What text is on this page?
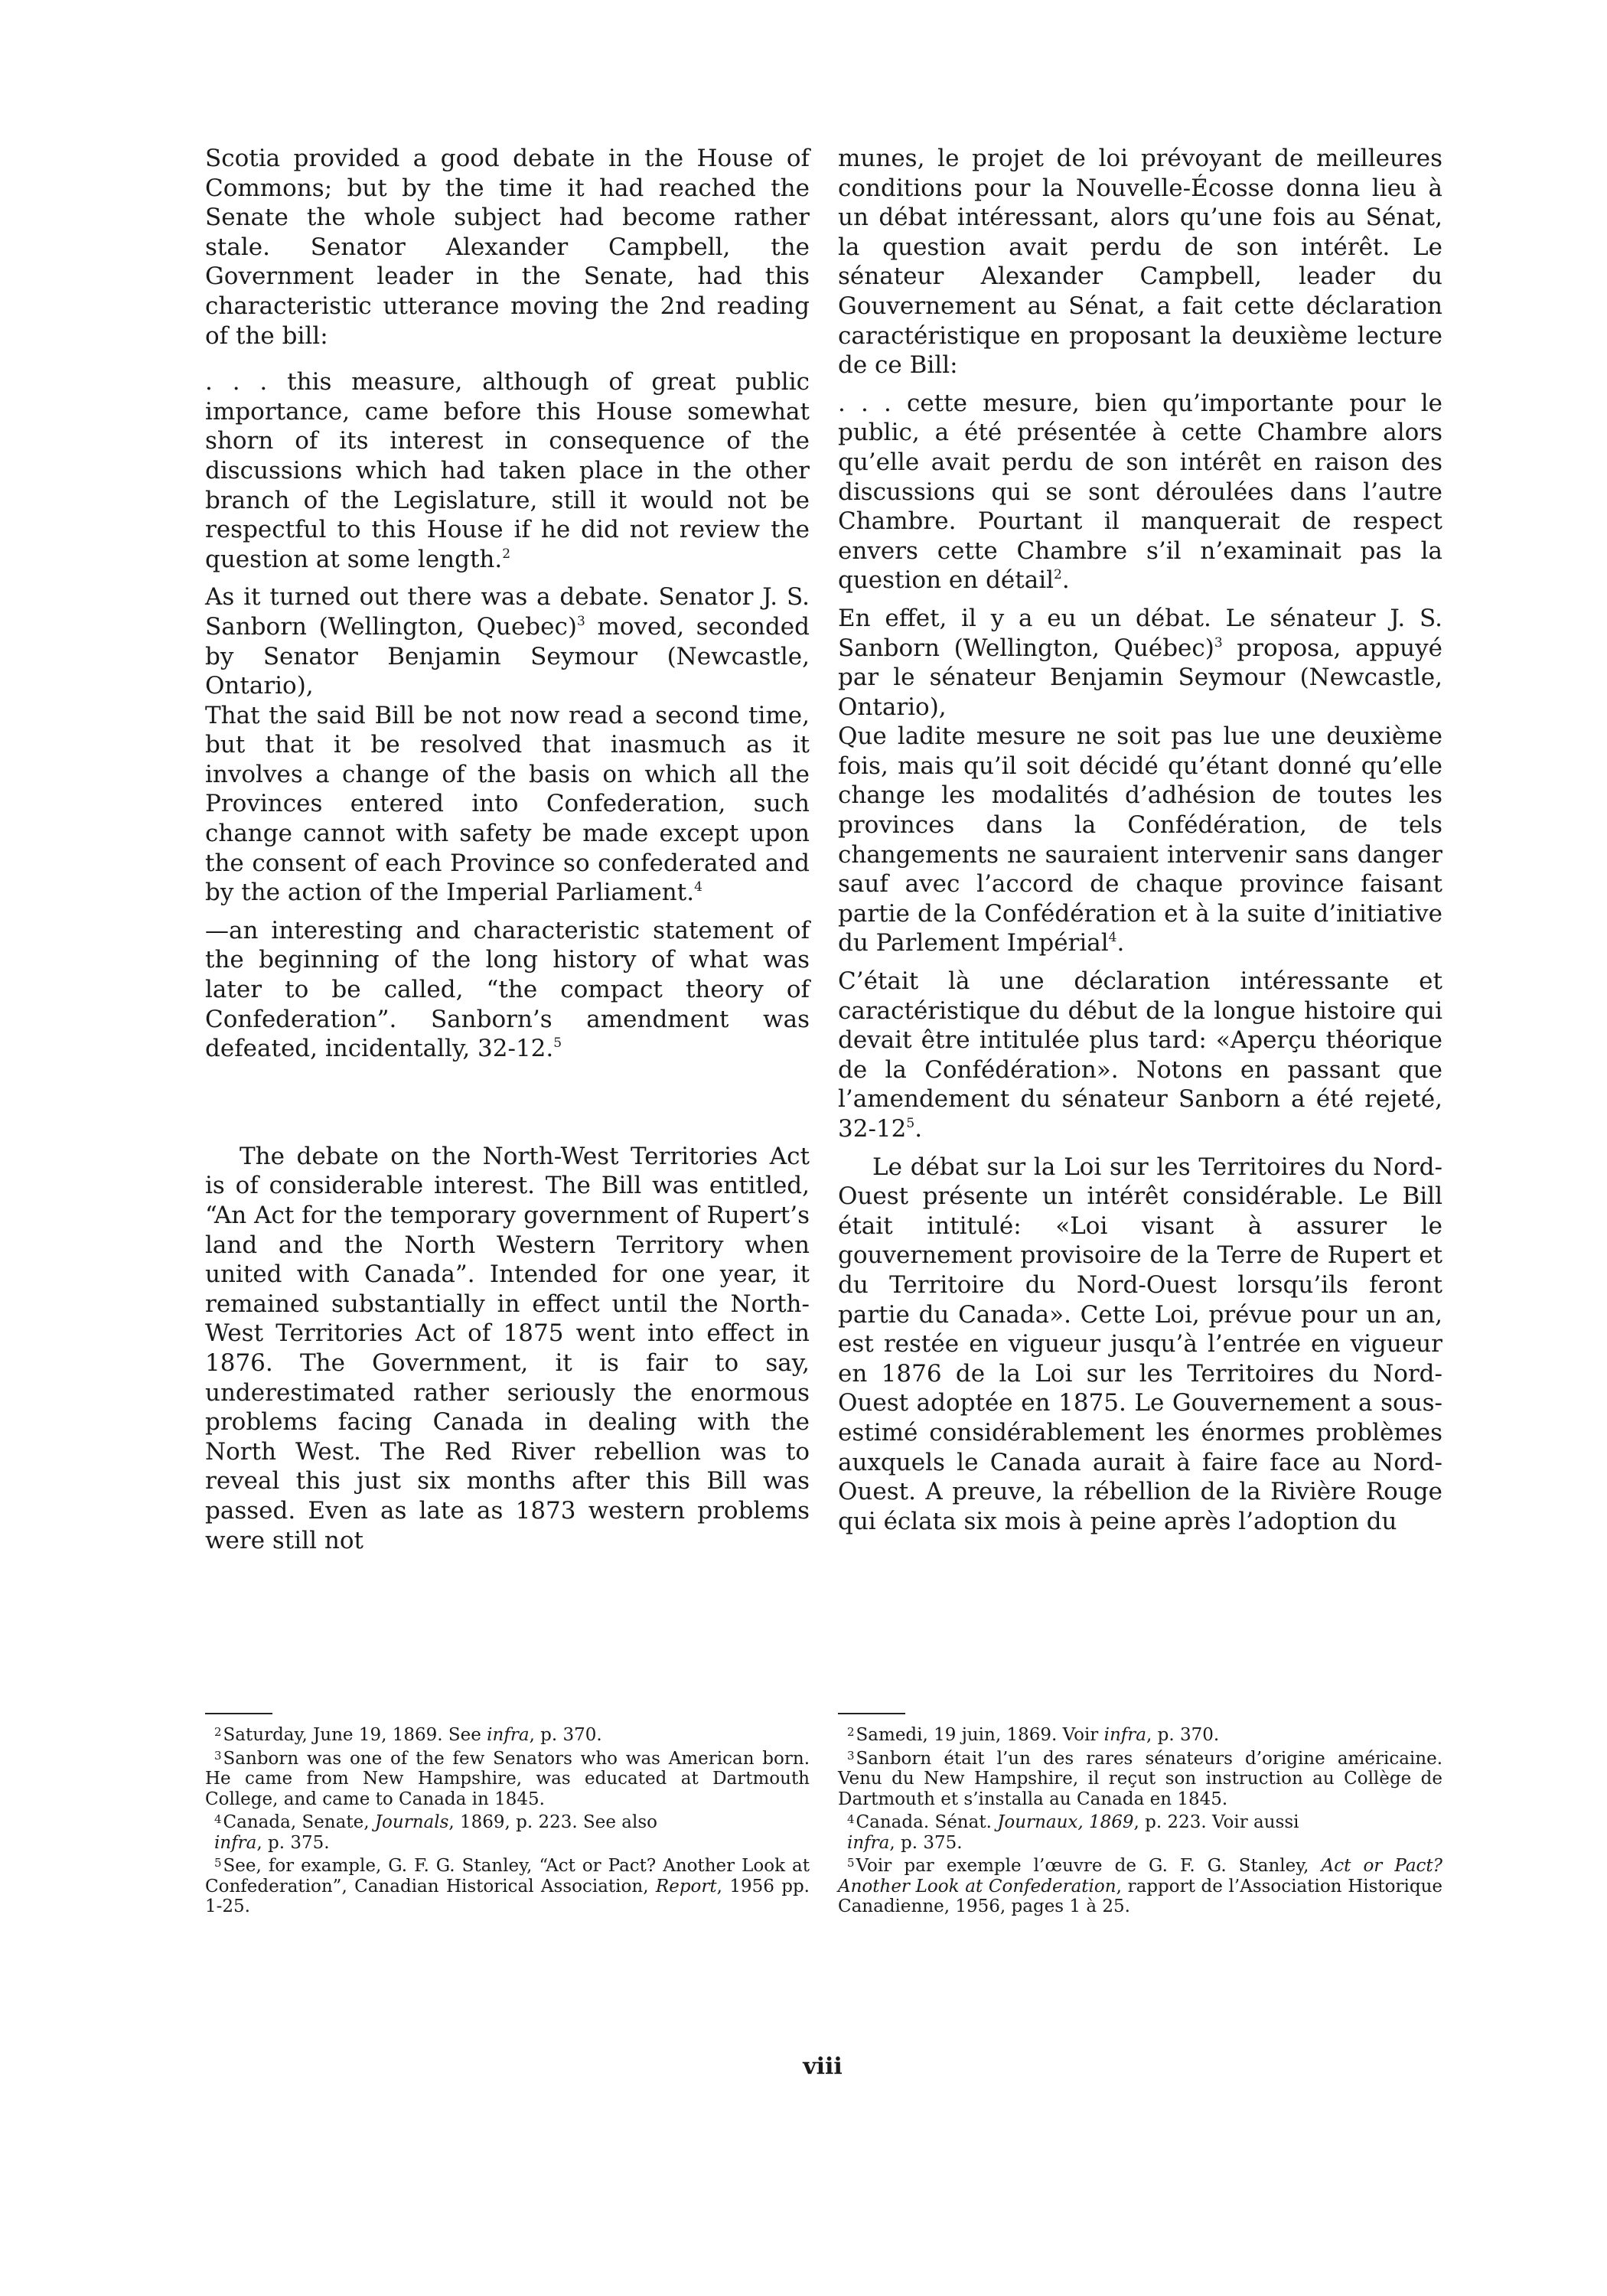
Scotia provided a good debate in the House of Commons; but by the time it had reached the Senate the whole subject had become rather stale. Senator Alexander Campbell, the Government leader in the Senate, had this characteristic utterance moving the 2nd reading of the bill:

. . . this measure, although of great public importance, came before this House somewhat shorn of its interest in consequence of the discussions which had taken place in the other branch of the Legislature, still it would not be respectful to this House if he did not review the question at some length.$^2$

As it turned out there was a debate. Senator J. S. Sanborn (Wellington, Quebec)$^3$ moved, seconded by Senator Benjamin Seymour (Newcastle, Ontario),

That the said Bill be not now read a second time, but that it be resolved that inasmuch as it involves a change of the basis on which all the Provinces entered into Confederation, such change cannot with safety be made except upon the consent of each Province so confederated and by the action of the Imperial Parliament.$^4$

—an interesting and characteristic statement of the beginning of the long history of what was later to be called, “the compact theory of Confederation”. Sanborn’s amendment was defeated, incidentally, 32-12.$^5$

The debate on the North-West Territories Act is of considerable interest. The Bill was entitled, “An Act for the temporary government of Rupert’s land and the North Western Territory when united with Canada”. Intended for one year, it remained substantially in effect until the North-West Territories Act of 1875 went into effect in 1876. The Government, it is fair to say, underestimated rather seriously the enormous problems facing Canada in dealing with the North West. The Red River rebellion was to reveal this just six months after this Bill was passed. Even as late as 1873 western problems were still not

munes, le projet de loi prévoyant de meilleures conditions pour la Nouvelle-Écosse donna lieu à un débat intéressant, alors qu’une fois au Sénat, la question avait perdu de son intérêt. Le sénateur Alexander Campbell, leader du Gouvernement au Sénat, a fait cette déclaration caractéristique en proposant la deuxième lecture de ce Bill:

. . . cette mesure, bien qu’importante pour le public, a été présentée à cette Chambre alors qu’elle avait perdu de son intérêt en raison des discussions qui se sont déroulées dans l’autre Chambre. Pourtant il manquerait de respect envers cette Chambre s’il n’examinait pas la question en détail$^2$.

En effet, il y a eu un débat. Le sénateur J. S. Sanborn (Wellington, Québec)$^3$ proposa, appuyé par le sénateur Benjamin Seymour (Newcastle, Ontario),

Que ladite mesure ne soit pas lue une deuxième fois, mais qu’il soit décidé qu’étant donné qu’elle change les modalités d’adhésion de toutes les provinces dans la Confédération, de tels changements ne sauraient intervenir sans danger sauf avec l’accord de chaque province faisant partie de la Confédération et à la suite d’initiative du Parlement Impérial$^4$.

C’était là une déclaration intéressante et caractéristique du début de la longue histoire qui devait être intitulée plus tard: «Aperçu théorique de la Confédération». Notons en passant que l’amendement du sénateur Sanborn a été rejeté, $32-12^5$.

Le débat sur la Loi sur les Territoires du Nord-Ouest présente un intérêt considérable. Le Bill était intitulé: «Loi visant à assurer le gouvernement provisoire de la Terre de Rupert et du Territoire du Nord-Ouest lorsqu’ils feront partie du Canada». Cette Loi, prévue pour un an, est restée en vigueur jusqu’à l’entrée en vigueur en 1876 de la Loi sur les Territoires du Nord-Ouest adoptée en 1875. Le Gouvernement a sous-estimé considérablement les énormes problèmes auxquels le Canada aurait à faire face au Nord-Ouest. A preuve, la rébellion de la Rivière Rouge qui éclata six mois à peine après l’adoption du

$^2$Saturday, June 19, 1869. See infra, p. 370.

$^3$Sanborn was one of the few Senators who was American born. He came from New Hampshire, was educated at Dartmouth College, and came to Canada in 1845.

$^4$Canada, Senate, Journals, 1869, p. 223. See also

infra, p. 375.

$^5$See, for example, G. F. G. Stanley, “Act or Pact? Another Look at Confederation”, Canadian Historical Association, Report, 1956 pp. 1-25.

$^2$Samedi, 19 juin, 1869. Voir infra, p. 370.

$^3$Sanborn était l’un des rares sénateurs d’origine américaine. Venu du New Hampshire, il reçut son instruction au Collège de Dartmouth et s’installa au Canada en 1845.

$^4$Canada. Sénat. Journaux, 1869, p. 223. Voir aussi

infra, p. 375.

$^5$Voir par exemple l’œuvre de G. F. G. Stanley, Act or Pact? Another Look at Confederation, rapport de l’Association Historique Canadienne, 1956, pages 1 à 25.

viii
